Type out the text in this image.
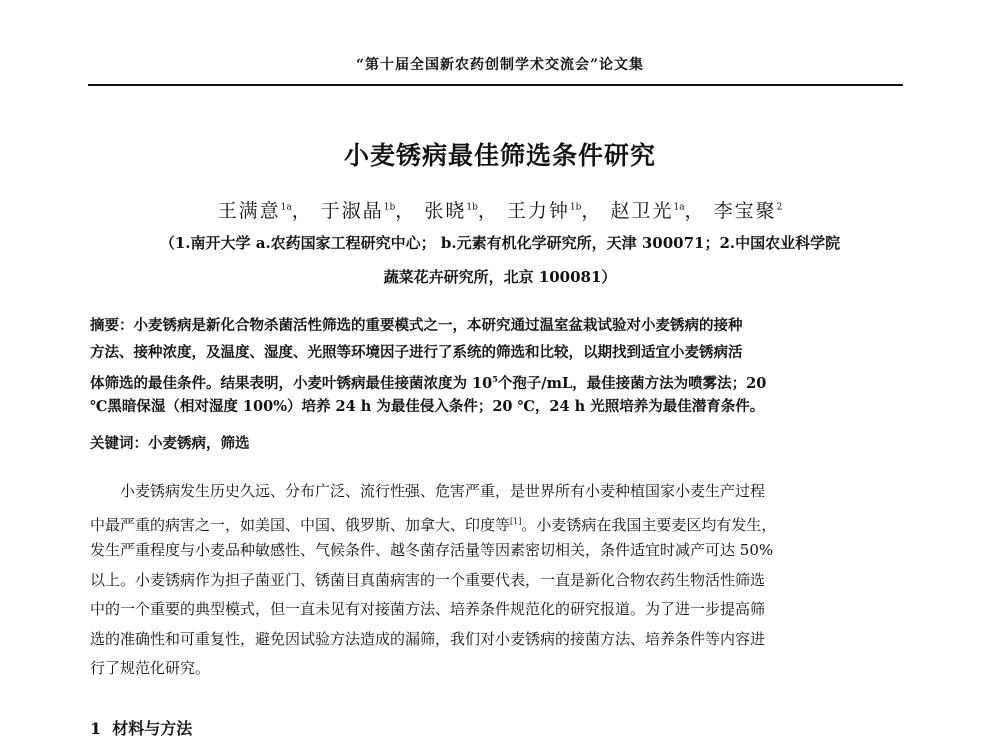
“第十届全国新农药创制学术交流会”论文集
小麦锈病最佳筛选条件研究
王满意$^{1a}$， 于淑晶$^{1b}$， 张晓$^{1b}$， 王力钟$^{1b}$， 赵卫光$^{1a}$， 李宝聚$^2$
（1.南开大学 a.农药国家工程研究中心； b.元素有机化学研究所，天津 300071；2.中国农业科学院
蔬菜花卉研究所，北京 100081）
摘要：小麦锈病是新化合物杀菌活性筛选的重要模式之一，本研究通过温室盆栽试验对小麦锈病的接种
方法、接种浓度，及温度、湿度、光照等环境因子进行了系统的筛选和比较，以期找到适宜小麦锈病活
体筛选的最佳条件。结果表明，小麦叶锈病最佳接菌浓度为 $10^5$个孢子/mL，最佳接菌方法为喷雾法；20
℃黑暗保湿（相对湿度 100%）培养 24 h 为最佳侵入条件；20 ℃，24 h 光照培养为最佳潜育条件。
关键词：小麦锈病，筛选
小麦锈病发生历史久远、分布广泛、流行性强、危害严重，是世界所有小麦种植国家小麦生产过程
中最严重的病害之一，如美国、中国、俄罗斯、加拿大、印度等[1]。小麦锈病在我国主要麦区均有发生，
发生严重程度与小麦品种敏感性、气候条件、越冬菌存活量等因素密切相关，条件适宜时减产可达 50%
以上。小麦锈病作为担子菌亚门、锈菌目真菌病害的一个重要代表，一直是新化合物农药生物活性筛选
中的一个重要的典型模式，但一直未见有对接菌方法、培养条件规范化的研究报道。为了进一步提高筛
选的准确性和可重复性，避免因试验方法造成的漏筛，我们对小麦锈病的接菌方法、培养条件等内容进
行了规范化研究。
1 材料与方法
